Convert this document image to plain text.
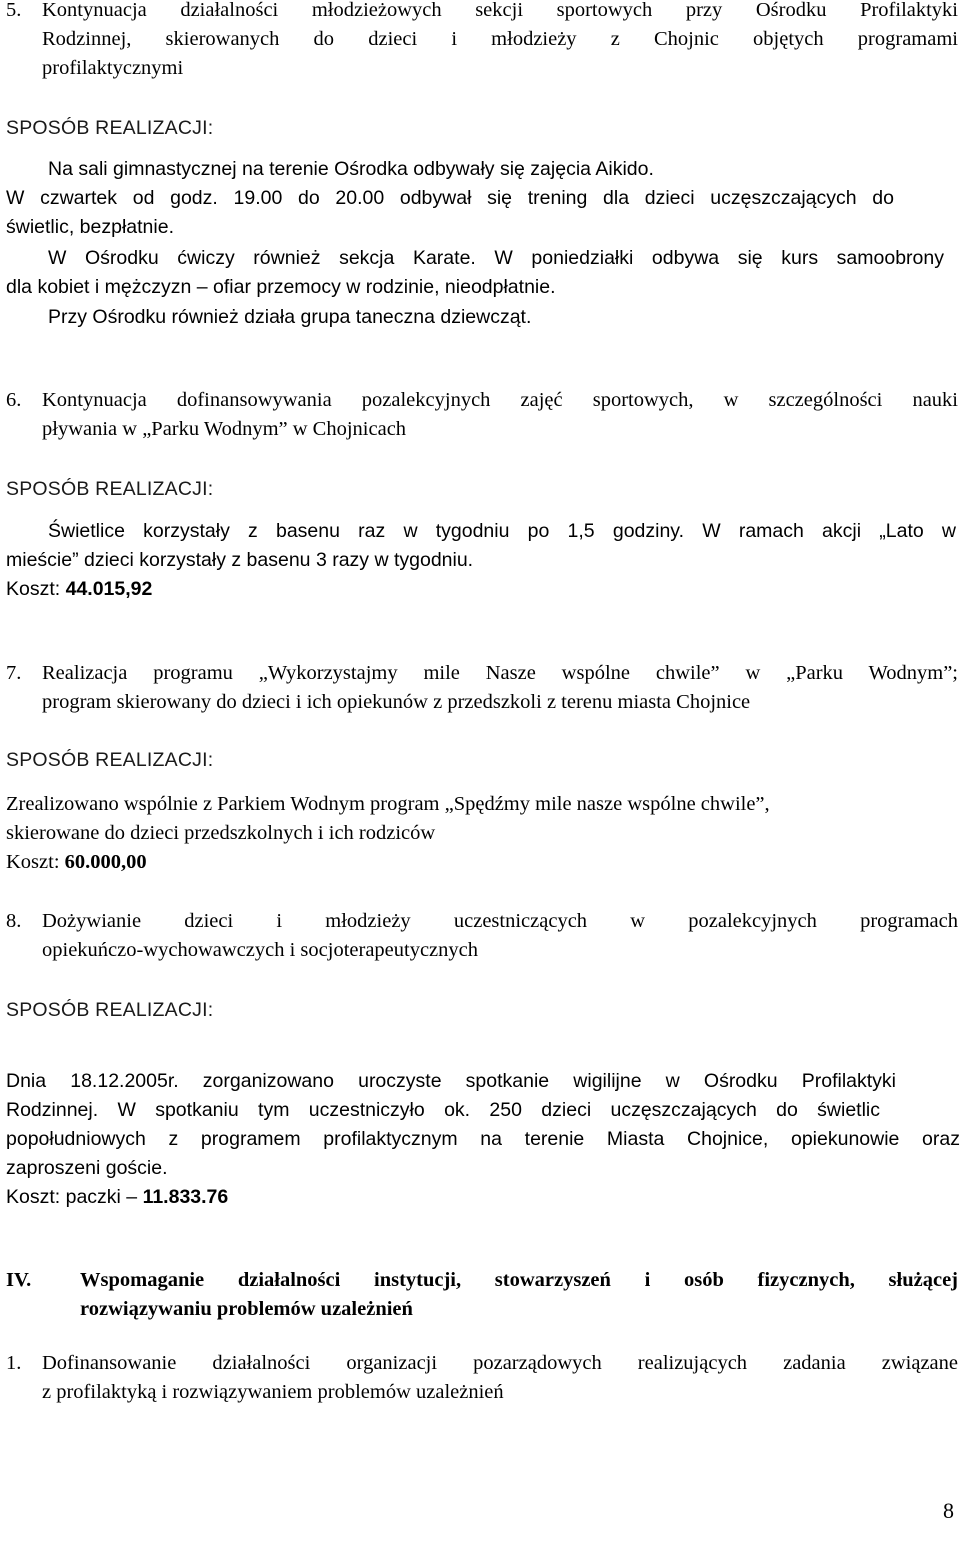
5. Kontynuacja działalności młodzieżowych sekcji sportowych przy Ośrodku Profilaktyki
Rodzinnej, skierowanych do dzieci i młodzieży z Chojnic objętych programami
profilaktycznymi
SPOSÓB REALIZACJI:
Na sali gimnastycznej na terenie Ośrodka odbywały się zajęcia Aikido.
W czwartek od godz. 19.00 do 20.00 odbywał się trening dla dzieci uczęszczających do
świetlic, bezpłatnie.
W Ośrodku ćwiczy również sekcja Karate. W poniedziałki odbywa się kurs samoobrony
dla kobiet i mężczyzn – ofiar przemocy w rodzinie, nieodpłatnie.
Przy Ośrodku również działa grupa taneczna dziewcząt.
6. Kontynuacja dofinansowywania pozalekcyjnych zajęć sportowych, w szczególności nauki
pływania w „Parku Wodnym” w Chojnicach
SPOSÓB REALIZACJI:
Świetlice korzystały z basenu raz w tygodniu po 1,5 godziny. W ramach akcji „Lato w
mieście” dzieci korzystały z basenu 3 razy w tygodniu.
Koszt: 44.015,92
7. Realizacja programu „Wykorzystajmy mile Nasze wspólne chwile” w „Parku Wodnym”;
program skierowany do dzieci i ich opiekunów z przedszkoli z terenu miasta Chojnice
SPOSÓB REALIZACJI:
Zrealizowano wspólnie z Parkiem Wodnym program „Spędźmy mile nasze wspólne chwile”,
skierowane do dzieci przedszkolnych i ich rodziców
Koszt: 60.000,00
8. Dożywianie dzieci i młodzieży uczestniczących w pozalekcyjnych programach
opiekuńczo-wychowawczych i socjoterapeutycznych
SPOSÓB REALIZACJI:
Dnia 18.12.2005r. zorganizowano uroczyste spotkanie wigilijne w Ośrodku Profilaktyki
Rodzinnej. W spotkaniu tym uczestniczyło ok. 250 dzieci uczęszczających do świetlic
popołudniowych z programem profilaktycznym na terenie Miasta Chojnice, opiekunowie oraz
zaproszeni goście.
Koszt: paczki – 11.833.76
IV. Wspomaganie działalności instytucji, stowarzyszeń i osób fizycznych, służącej
rozwiązywaniu problemów uzależnień
1. Dofinansowanie działalności organizacji pozarządowych realizujących zadania związane
z profilaktyką i rozwiązywaniem problemów uzależnień
8
